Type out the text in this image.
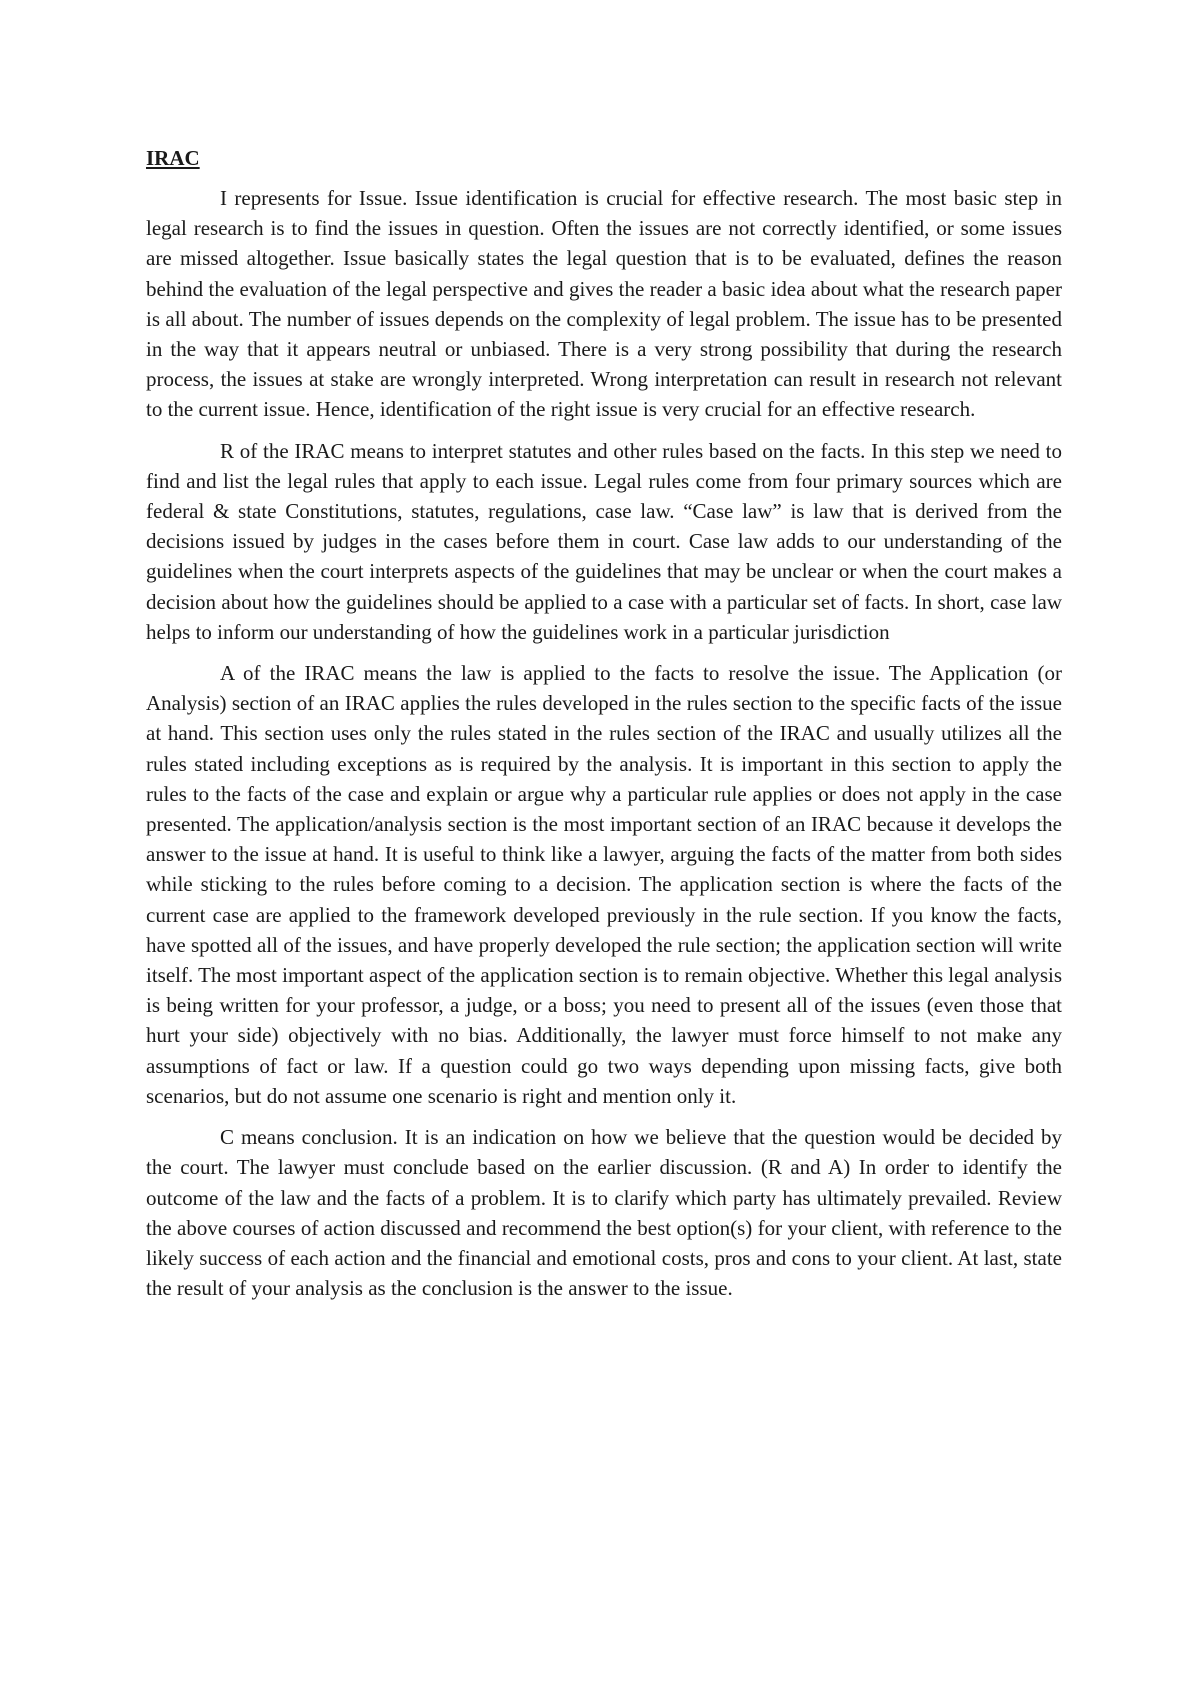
IRAC

I represents for Issue. Issue identification is crucial for effective research. The most basic step in legal research is to find the issues in question. Often the issues are not correctly identified, or some issues are missed altogether. Issue basically states the legal question that is to be evaluated, defines the reason behind the evaluation of the legal perspective and gives the reader a basic idea about what the research paper is all about. The number of issues depends on the complexity of legal problem. The issue has to be presented in the way that it appears neutral or unbiased. There is a very strong possibility that during the research process, the issues at stake are wrongly interpreted. Wrong interpretation can result in research not relevant to the current issue. Hence, identification of the right issue is very crucial for an effective research.

R of the IRAC means to interpret statutes and other rules based on the facts. In this step we need to find and list the legal rules that apply to each issue. Legal rules come from four primary sources which are federal & state Constitutions, statutes, regulations, case law. “Case law” is law that is derived from the decisions issued by judges in the cases before them in court. Case law adds to our understanding of the guidelines when the court interprets aspects of the guidelines that may be unclear or when the court makes a decision about how the guidelines should be applied to a case with a particular set of facts. In short, case law helps to inform our understanding of how the guidelines work in a particular jurisdiction

A of the IRAC means the law is applied to the facts to resolve the issue. The Application (or Analysis) section of an IRAC applies the rules developed in the rules section to the specific facts of the issue at hand. This section uses only the rules stated in the rules section of the IRAC and usually utilizes all the rules stated including exceptions as is required by the analysis. It is important in this section to apply the rules to the facts of the case and explain or argue why a particular rule applies or does not apply in the case presented. The application/analysis section is the most important section of an IRAC because it develops the answer to the issue at hand. It is useful to think like a lawyer, arguing the facts of the matter from both sides while sticking to the rules before coming to a decision. The application section is where the facts of the current case are applied to the framework developed previously in the rule section. If you know the facts, have spotted all of the issues, and have properly developed the rule section; the application section will write itself. The most important aspect of the application section is to remain objective. Whether this legal analysis is being written for your professor, a judge, or a boss; you need to present all of the issues (even those that hurt your side) objectively with no bias. Additionally, the lawyer must force himself to not make any assumptions of fact or law. If a question could go two ways depending upon missing facts, give both scenarios, but do not assume one scenario is right and mention only it.

C means conclusion. It is an indication on how we believe that the question would be decided by the court. The lawyer must conclude based on the earlier discussion. (R and A) In order to identify the outcome of the law and the facts of a problem. It is to clarify which party has ultimately prevailed. Review the above courses of action discussed and recommend the best option(s) for your client, with reference to the likely success of each action and the financial and emotional costs, pros and cons to your client. At last, state the result of your analysis as the conclusion is the answer to the issue.
